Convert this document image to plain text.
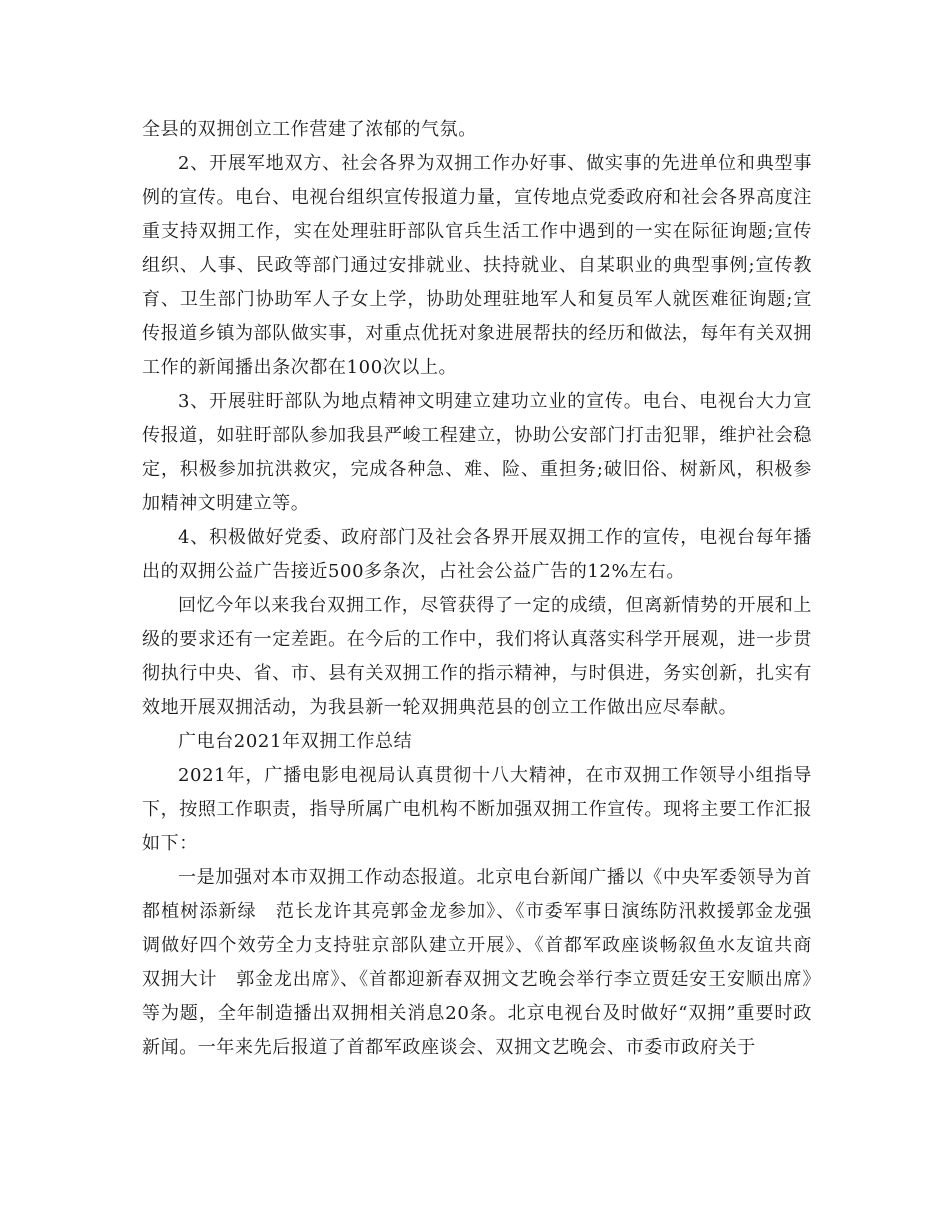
全县的双拥创立工作营建了浓郁的气氛。

2、开展军地双方、社会各界为双拥工作办好事、做实事的先进单位和典型事例的宣传。电台、电视台组织宣传报道力量，宣传地点党委政府和社会各界高度注重支持双拥工作，实在处理驻盱部队官兵生活工作中遇到的一实在际征询题;宣传组织、人事、民政等部门通过安排就业、扶持就业、自某职业的典型事例;宣传教育、卫生部门协助军人子女上学，协助处理驻地军人和复员军人就医难征询题;宣传报道乡镇为部队做实事，对重点优抚对象进展帮扶的经历和做法，每年有关双拥工作的新闻播出条次都在100次以上。

3、开展驻盱部队为地点精神文明建立建功立业的宣传。电台、电视台大力宣传报道，如驻盱部队参加我县严峻工程建立，协助公安部门打击犯罪，维护社会稳定，积极参加抗洪救灾，完成各种急、难、险、重担务;破旧俗、树新风，积极参加精神文明建立等。

4、积极做好党委、政府部门及社会各界开展双拥工作的宣传，电视台每年播出的双拥公益广告接近500多条次，占社会公益广告的12%左右。

回忆今年以来我台双拥工作，尽管获得了一定的成绩，但离新情势的开展和上级的要求还有一定差距。在今后的工作中，我们将认真落实科学开展观，进一步贯彻执行中央、省、市、县有关双拥工作的指示精神，与时俱进，务实创新，扎实有效地开展双拥活动，为我县新一轮双拥典范县的创立工作做出应尽奉献。

广电台2021年双拥工作总结

2021年，广播电影电视局认真贯彻十八大精神，在市双拥工作领导小组指导下，按照工作职责，指导所属广电机构不断加强双拥工作宣传。现将主要工作汇报如下：

一是加强对本市双拥工作动态报道。北京电台新闻广播以《中央军委领导为首都植树添新绿　范长龙许其亮郭金龙参加》、《市委军事日演练防汛救援郭金龙强调做好四个效劳全力支持驻京部队建立开展》、《首都军政座谈畅叙鱼水友谊共商双拥大计　郭金龙出席》、《首都迎新春双拥文艺晚会举行李立贾廷安王安顺出席》等为题，全年制造播出双拥相关消息20条。北京电视台及时做好“双拥”重要时政新闻。一年来先后报道了首都军政座谈会、双拥文艺晚会、市委市政府关于
